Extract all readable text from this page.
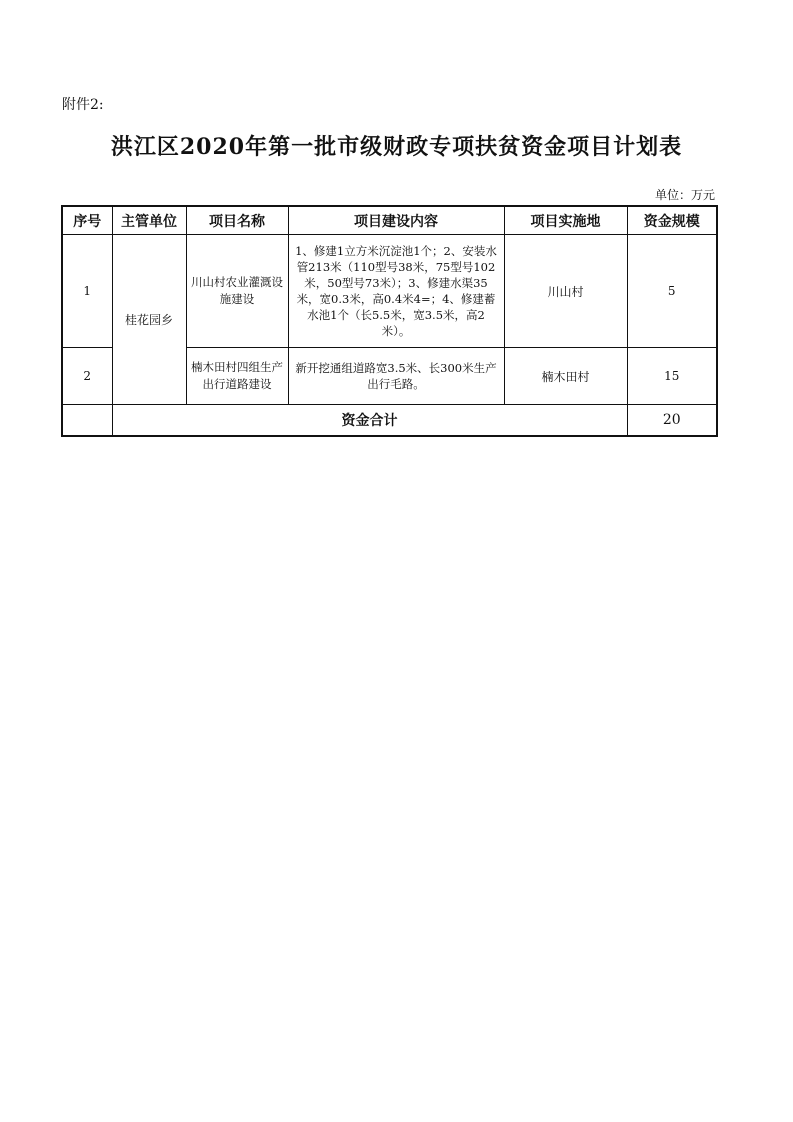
附件2:
洪江区2020年第一批市级财政专项扶贫资金项目计划表
单位：万元
序号	主管单位	项目名称	项目建设内容	项目实施地	资金规模
1	桂花园乡	川山村农业灌溉设施建设	1、修建1立方米沉淀池1个；2、安装水管213米（110型号38米，75型号102米，50型号73米）；3、修建水渠35米，宽0.3米，高0.4米4=；4、修建蓄水池1个（长5.5米，宽3.5米，高2米）。	川山村	5
2		楠木田村四组生产出行道路建设	新开挖通组道路宽3.5米、长300米生产出行毛路。	楠木田村	15
	资金合计				20
